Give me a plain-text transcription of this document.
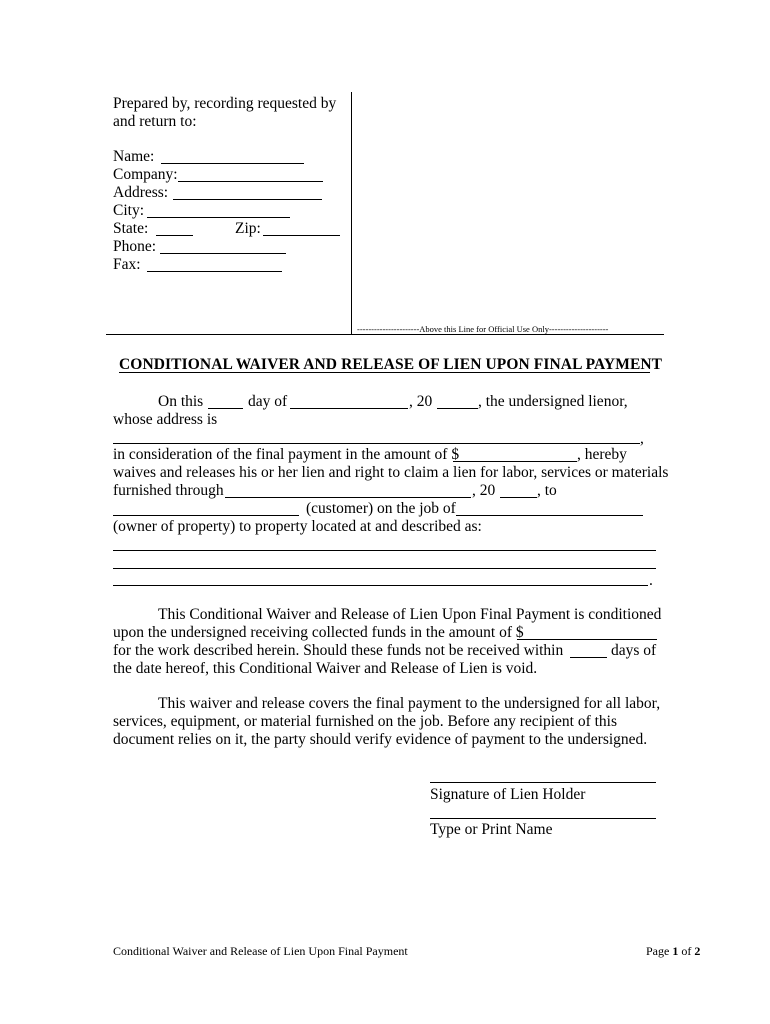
Prepared by, recording requested by
and return to:
Name:
Company:
Address:
City:
State:	Zip:
Phone:
Fax:
----------------------Above this Line for Official Use Only---------------------
CONDITIONAL WAIVER AND RELEASE OF LIEN UPON FINAL PAYMENT
On this	day of	, 20	, the undersigned lienor,
whose address is
,
in consideration of the final payment in the amount of $	, hereby
waives and releases his or her lien and right to claim a lien for labor, services or materials
furnished through	, 20	, to
(customer) on the job of
(owner of property) to property located at and described as:
.
This Conditional Waiver and Release of Lien Upon Final Payment is conditioned
upon the undersigned receiving collected funds in the amount of $
for the work described herein. Should these funds not be received within	days of
the date hereof, this Conditional Waiver and Release of Lien is void.
This waiver and release covers the final payment to the undersigned for all labor,
services, equipment, or material furnished on the job. Before any recipient of this
document relies on it, the party should verify evidence of payment to the undersigned.
Signature of Lien Holder
Type or Print Name
Conditional Waiver and Release of Lien Upon Final Payment	Page 1 of 2
